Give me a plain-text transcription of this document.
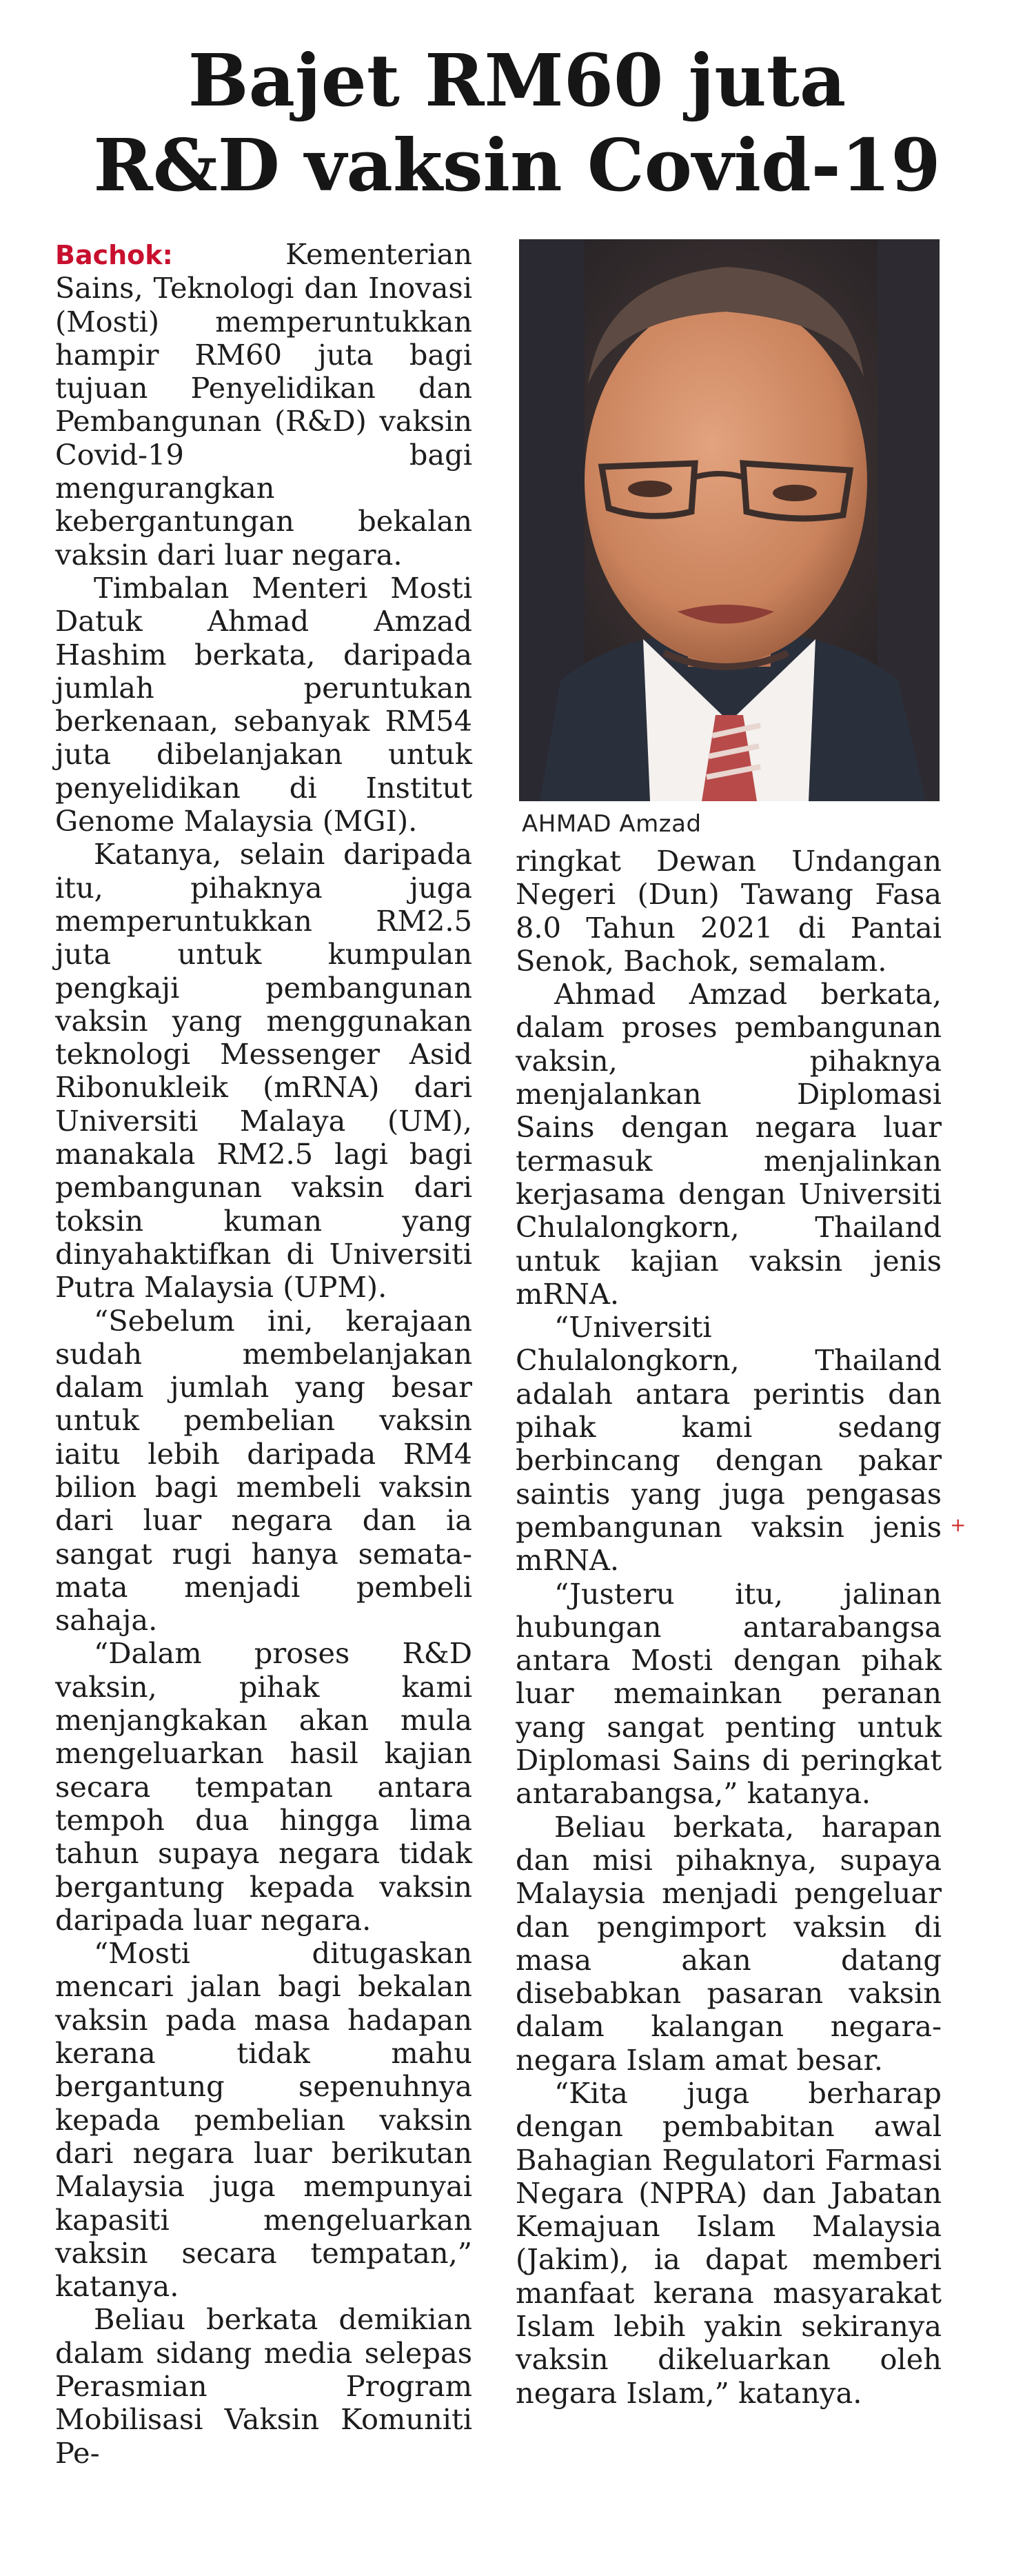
Bajet RM60 juta
R&D vaksin Covid-19

Bachok:	Kementerian Sains, Teknologi dan Inovasi (Mosti) memperuntukkan hampir RM60 juta bagi tujuan Penyelidikan dan Pembangunan (R&D) vaksin Covid-19 bagi mengurangkan kebergantungan bekalan vaksin dari luar negara.

Timbalan Menteri Mosti Datuk Ahmad Amzad Hashim berkata, daripada jumlah peruntukan berkenaan, sebanyak RM54 juta dibelanjakan untuk penyelidikan di Institut Genome Malaysia (MGI).

Katanya, selain daripada itu, pihaknya juga memperuntukkan RM2.5 juta untuk kumpulan pengkaji pembangunan vaksin yang menggunakan teknologi Messenger Asid Ribonukleik (mRNA) dari Universiti Malaya (UM), manakala RM2.5 lagi bagi pembangunan vaksin dari toksin kuman yang dinyahaktifkan di Universiti Putra Malaysia (UPM).

“Sebelum ini, kerajaan sudah membelanjakan dalam jumlah yang besar untuk pembelian vaksin iaitu lebih daripada RM4 bilion bagi membeli vaksin dari luar negara dan ia sangat rugi hanya semata-mata menjadi pembeli sahaja.

“Dalam proses R&D vaksin, pihak kami menjangkakan akan mula mengeluarkan hasil kajian secara tempatan antara tempoh dua hingga lima tahun supaya negara tidak bergantung kepada vaksin daripada luar negara.

“Mosti ditugaskan mencari jalan bagi bekalan vaksin pada masa hadapan kerana tidak mahu bergantung sepenuhnya kepada pembelian vaksin dari negara luar berikutan Malaysia juga mempunyai kapasiti mengeluarkan vaksin secara tempatan,” katanya.

Beliau berkata demikian dalam sidang media selepas Perasmian Program Mobilisasi Vaksin Komuniti Pe-

AHMAD Amzad

ringkat Dewan Undangan Negeri (Dun) Tawang Fasa 8.0 Tahun 2021 di Pantai Senok, Bachok, semalam.

Ahmad Amzad berkata, dalam proses pembangunan vaksin, pihaknya menjalankan Diplomasi Sains dengan negara luar termasuk menjalinkan kerjasama dengan Universiti Chulalongkorn, Thailand untuk kajian vaksin jenis mRNA.

“Universiti Chulalongkorn, Thailand adalah antara perintis dan pihak kami sedang berbincang dengan pakar saintis yang juga pengasas pembangunan vaksin jenis mRNA.

“Justeru itu, jalinan hubungan antarabangsa antara Mosti dengan pihak luar memainkan peranan yang sangat penting untuk Diplomasi Sains di peringkat antarabangsa,” katanya.

Beliau berkata, harapan dan misi pihaknya, supaya Malaysia menjadi pengeluar dan pengimport vaksin di masa akan datang disebabkan pasaran vaksin dalam kalangan negara-negara Islam amat besar.

“Kita juga berharap dengan pembabitan awal Bahagian Regulatori Farmasi Negara (NPRA) dan Jabatan Kemajuan Islam Malaysia (Jakim), ia dapat memberi manfaat kerana masyarakat Islam lebih yakin sekiranya vaksin dikeluarkan oleh negara Islam,” katanya.

+
